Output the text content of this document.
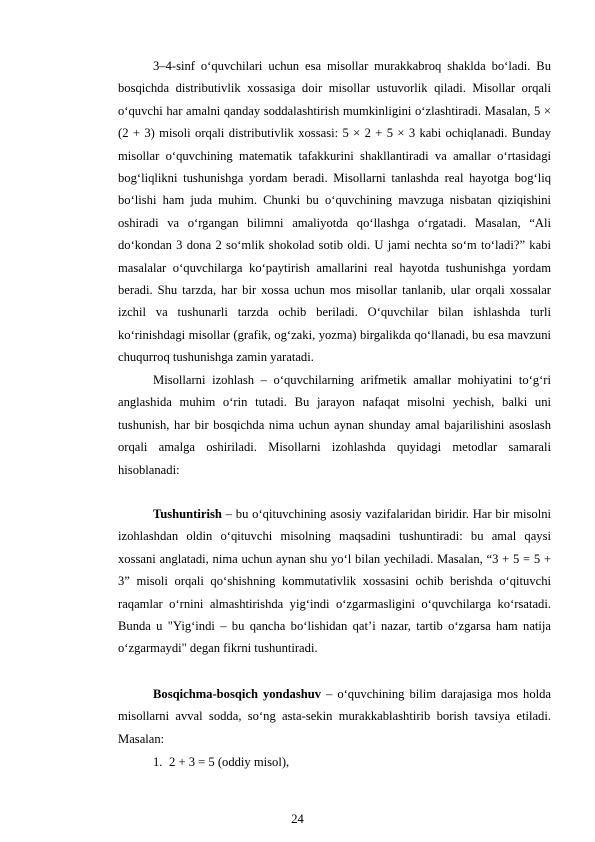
3–4-sinf o‘quvchilari uchun esa misollar murakkabroq shaklda bo‘ladi. Bu bosqichda distributivlik xossasiga doir misollar ustuvorlik qiladi. Misollar orqali o‘quvchi har amalni qanday soddalashtirish mumkinligini o‘zlashtiradi. Masalan, 5 × (2 + 3) misoli orqali distributivlik xossasi: 5 × 2 + 5 × 3 kabi ochiqlanadi. Bunday misollar o‘quvchining matematik tafakkurini shakllantiradi va amallar o‘rtasidagi bog‘liqlikni tushunishga yordam beradi. Misollarni tanlashda real hayotga bog‘liq bo‘lishi ham juda muhim. Chunki bu o‘quvchining mavzuga nisbatan qiziqishini oshiradi va o‘rgangan bilimni amaliyotda qo‘llashga o‘rgatadi. Masalan, “Ali do‘kondan 3 dona 2 so‘mlik shokolad sotib oldi. U jami nechta so‘m to‘ladi?” kabi masalalar o‘quvchilarga ko‘paytirish amallarini real hayotda tushunishga yordam beradi. Shu tarzda, har bir xossa uchun mos misollar tanlanib, ular orqali xossalar izchil va tushunarli tarzda ochib beriladi. O‘quvchilar bilan ishlashda turli ko‘rinishdagi misollar (grafik, og‘zaki, yozma) birgalikda qo‘llanadi, bu esa mavzuni chuqurroq tushunishga zamin yaratadi.

Misollarni izohlash – o‘quvchilarning arifmetik amallar mohiyatini to‘g‘ri anglashida muhim o‘rin tutadi. Bu jarayon nafaqat misolni yechish, balki uni tushunish, har bir bosqichda nima uchun aynan shunday amal bajarilishini asoslash orqali amalga oshiriladi. Misollarni izohlashda quyidagi metodlar samarali hisoblanadi:

Tushuntirish – bu o‘qituvchining asosiy vazifalaridan biridir. Har bir misolni izohlashdan oldin o‘qituvchi misolning maqsadini tushuntiradi: bu amal qaysi xossani anglatadi, nima uchun aynan shu yo‘l bilan yechiladi. Masalan, “3 + 5 = 5 + 3” misoli orqali qo‘shishning kommutativlik xossasini ochib berishda o‘qituvchi raqamlar o‘rnini almashtirishda yig‘indi o‘zgarmasligini o‘quvchilarga ko‘rsatadi. Bunda u "Yig‘indi – bu qancha bo‘lishidan qat’i nazar, tartib o‘zgarsa ham natija o‘zgarmaydi" degan fikrni tushuntiradi.

Bosqichma-bosqich yondashuv – o‘quvchining bilim darajasiga mos holda misollarni avval sodda, so‘ng asta-sekin murakkablashtirib borish tavsiya etiladi. Masalan:

1. 2 + 3 = 5 (oddiy misol),
24
